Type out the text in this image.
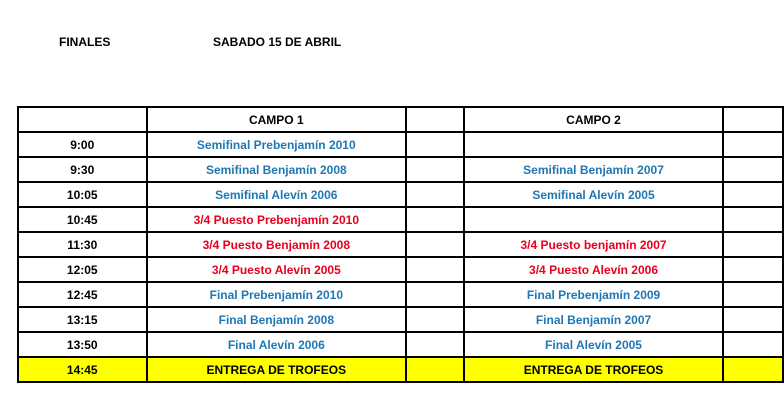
FINALES	SABADO 15 DE ABRIL
	CAMPO 1		CAMPO 2	
9:00	Semifinal Prebenjamín 2010			
9:30	Semifinal Benjamín 2008		Semifinal Benjamín 2007	
10:05	Semifinal Alevín 2006		Semifinal Alevín 2005	
10:45	3/4 Puesto Prebenjamín 2010			
11:30	3/4 Puesto Benjamín 2008		3/4 Puesto benjamín 2007	
12:05	3/4 Puesto Alevín 2005		3/4 Puesto Alevín 2006	
12:45	Final Prebenjamín 2010		Final Prebenjamín 2009	
13:15	Final Benjamín 2008		Final Benjamín 2007	
13:50	Final Alevín 2006		Final Alevín 2005	
14:45	ENTREGA DE TROFEOS		ENTREGA DE TROFEOS	
